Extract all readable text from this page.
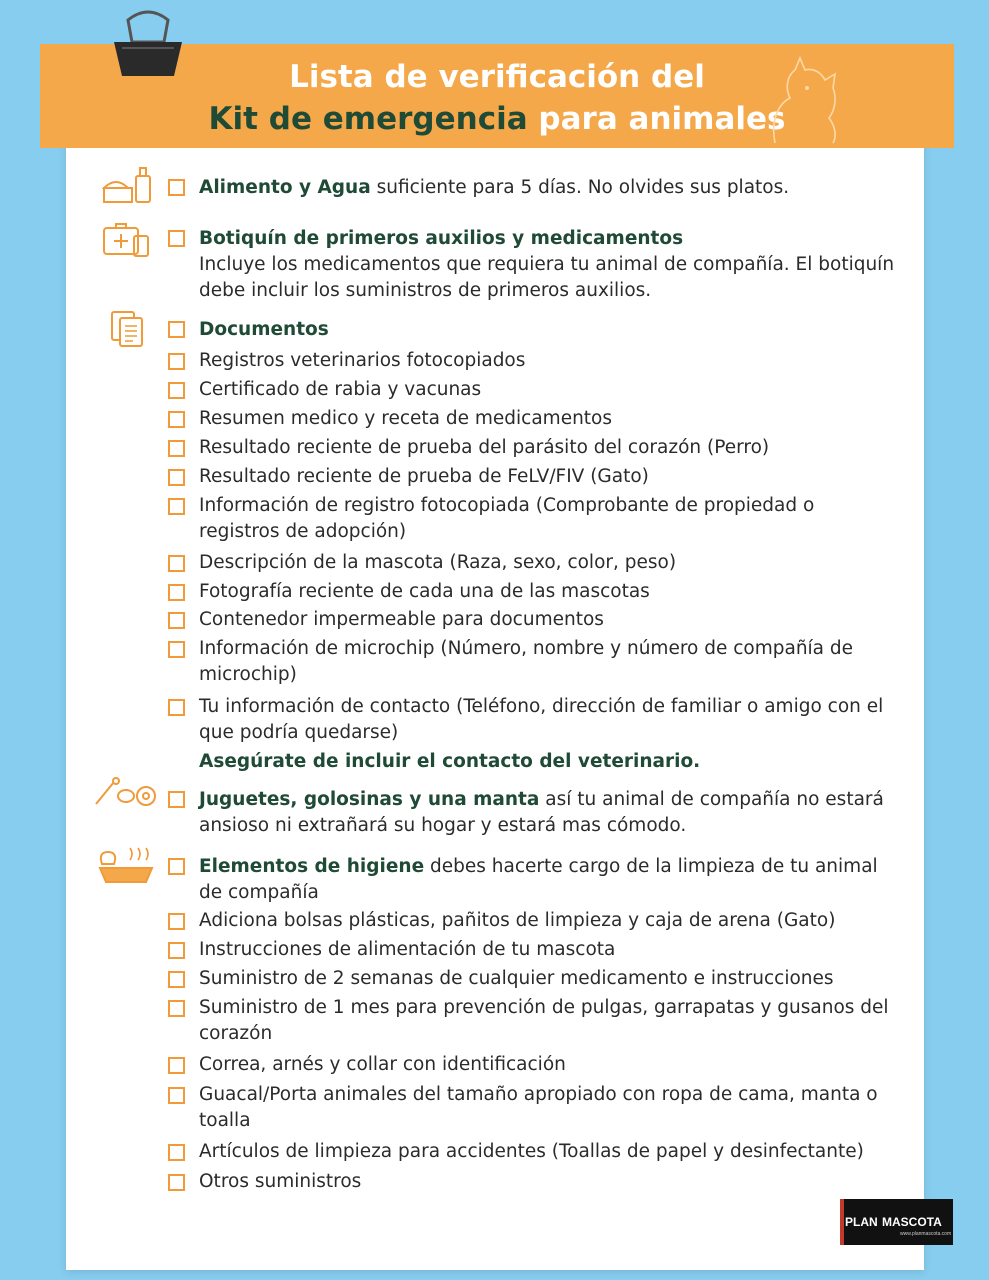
Lista de verificación del
Kit de emergencia para animales
Alimento y Agua suficiente para 5 días. No olvides sus platos.
Botiquín de primeros auxilios y medicamentos
Incluye los medicamentos que requiera tu animal de compañía. El botiquín debe incluir los suministros de primeros auxilios.
Documentos
Registros veterinarios fotocopiados
Certificado de rabia y vacunas
Resumen medico y receta de medicamentos
Resultado reciente de prueba del parásito del corazón (Perro)
Resultado reciente de prueba de FeLV/FIV (Gato)
Información de registro fotocopiada (Comprobante de propiedad o registros de adopción)
Descripción de la mascota (Raza, sexo, color, peso)
Fotografía reciente de cada una de las mascotas
Contenedor impermeable para documentos
Información de microchip (Número, nombre y número de compañía de microchip)
Tu información de contacto (Teléfono, dirección de familiar o amigo con el que podría quedarse)
Asegúrate de incluir el contacto del veterinario.
Juguetes, golosinas y una manta así tu animal de compañía no estará ansioso ni extrañará su hogar y estará mas cómodo.
Elementos de higiene debes hacerte cargo de la limpieza de tu animal de compañía
Adiciona bolsas plásticas, pañitos de limpieza y caja de arena (Gato)
Instrucciones de alimentación de tu mascota
Suministro de 2 semanas de cualquier medicamento e instrucciones
Suministro de 1 mes para prevención de pulgas, garrapatas y gusanos del corazón
Correa, arnés y collar con identificación
Guacal/Porta animales del tamaño apropiado con ropa de cama, manta o toalla
Artículos de limpieza para accidentes (Toallas de papel y desinfectante)
Otros suministros
PLAN MASCOTA
www.planmascota.com
